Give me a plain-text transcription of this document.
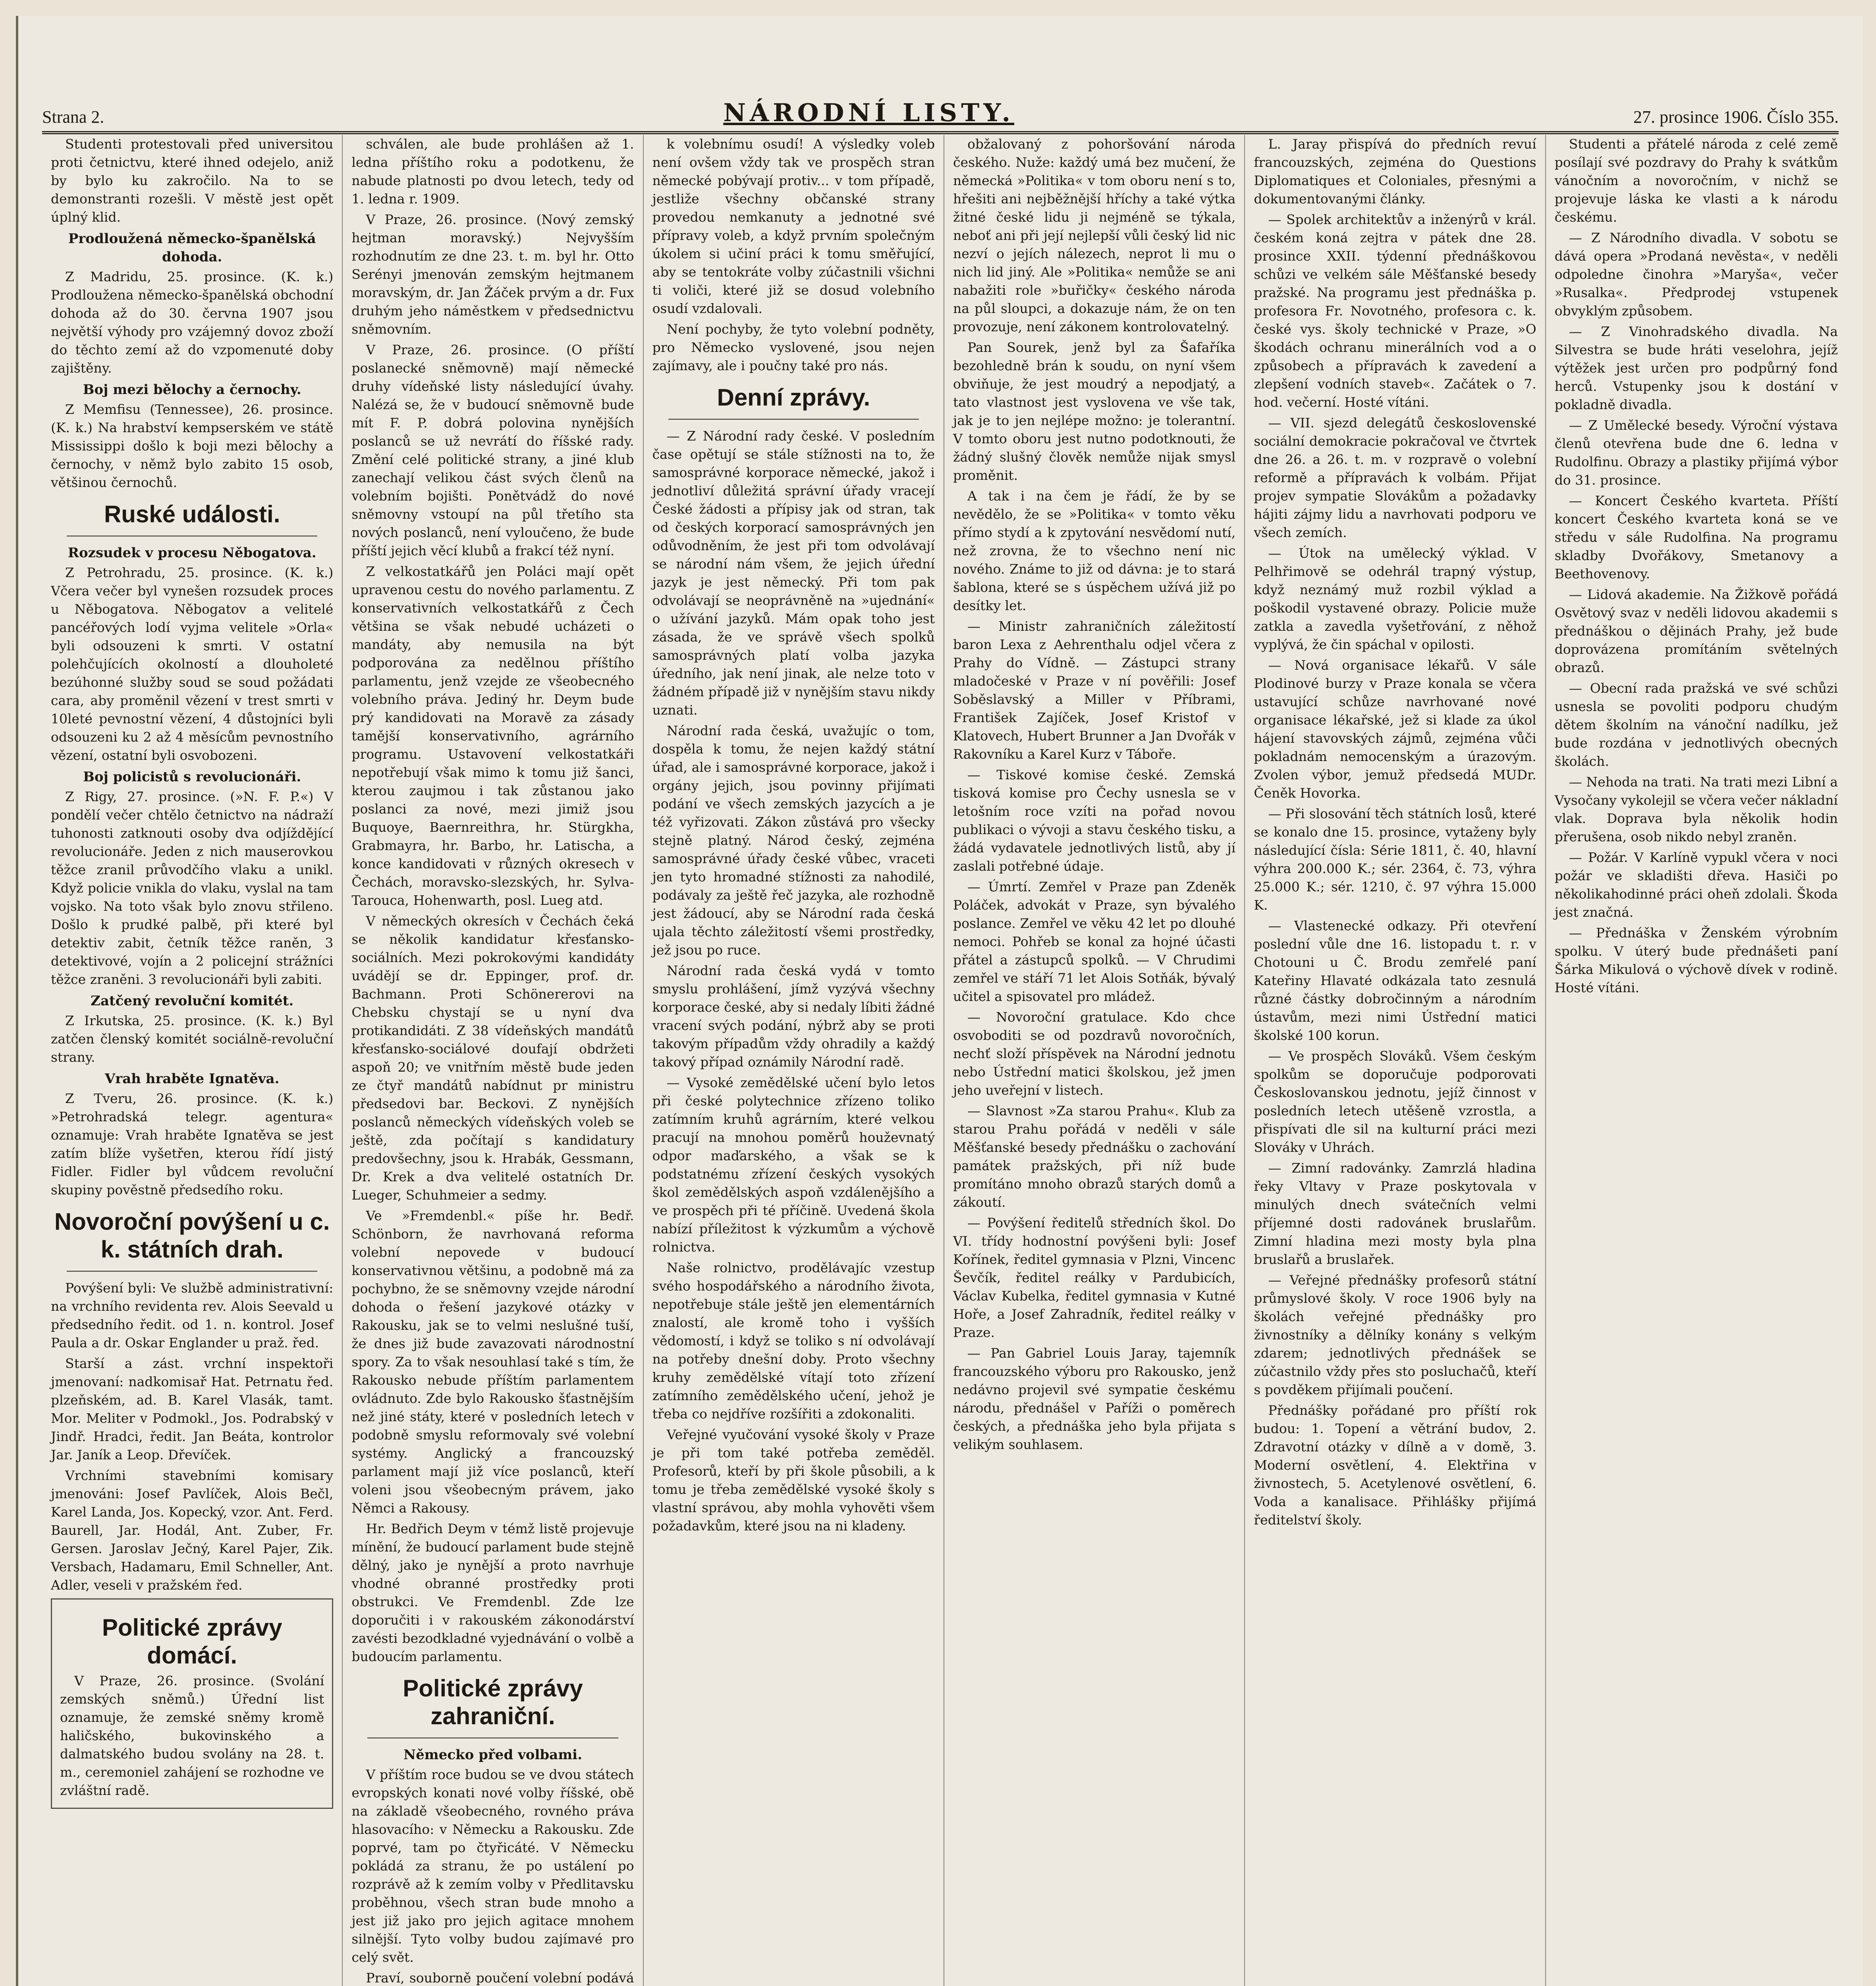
Strana 2.	NÁRODNÍ LISTY.	27. prosince 1906. Číslo 355.

Studenti protestovali před universitou proti četnictvu, které ihned odejelo, aniž by bylo ku zakročilo. Na to se demonstranti rozešli. V městě jest opět úplný klid.

Prodloužená německo-španělská dohoda.

Z Madridu, 25. prosince. (K. k.) Prodloužena německo-španělská obchodní dohoda až do 30. června 1907 jsou největší výhody pro vzájemný dovoz zboží do těchto zemí až do vzpomenuté doby zajištěny.

Boj mezi bělochy a černochy.

Z Memfisu (Tennessee), 26. prosince. (K. k.) Na hrabství kempserském ve státě Mississippi došlo k boji mezi bělochy a černochy, v němž bylo zabito 15 osob, většinou černochů.

Ruské události.
Rozsudek v procesu Něbogatova.

Z Petrohradu, 25. prosince. (K. k.) Včera večer byl vynešen rozsudek proces u Něbogatova. Něbogatov a velitelé pancéřových lodí vyjma velitele »Orla« byli odsouzeni k smrti. V ostatní polehčujících okolností a dlouholeté bezúhonné služby soud se soud požádati cara, aby proměnil vězení v trest smrti v 10leté pevnostní vězení, 4 důstojníci byli odsouzeni ku 2 až 4 měsícům pevnostního vězení, ostatní byli osvobozeni.

Boj policistů s revolucionáři.

Z Rigy, 27. prosince. (»N. F. P.«) V pondělí večer chtělo četnictvo na nádraží tuhonosti zatknouti osoby dva odjíždějící revolucionáře. Jeden z nich mauserovkou těžce zranil průvodčího vlaku a unikl. Když policie vnikla do vlaku, vyslal na tam vojsko. Na toto však bylo znovu střileno. Došlo k prudké palbě, při které byl detektiv zabit, četník těžce raněn, 3 detektivové, vojín a 2 policejní strážníci těžce zraněni. 3 revolucionáři byli zabiti.

Zatčený revoluční komitét.

Z Irkutska, 25. prosince. (K. k.) Byl zatčen členský komitét sociálně-revoluční strany.

Vrah hraběte Ignatěva.

Z Tveru, 26. prosince. (K. k.) »Petrohradská telegr. agentura« oznamuje: Vrah hraběte Ignatěva se jest zatím blíže vyšetřen, kterou řídí jistý Fidler. Fidler byl vůdcem revoluční skupiny pověstně předsedího roku.

Novoroční povýšení u c. k. státních drah.

Povýšení byli: Ve službě administrativní: na vrchního revidenta rev. Alois Seevald u předsedního ředit. od 1. n. kontrol. Josef Paula a dr. Oskar Englander u praž. řed.

Starší a zást. vrchní inspektoři jmenovaní: nadkomisař Hat. Petrnatu řed. plzeňském, ad. B. Karel Vlasák, tamt. Mor. Meliter v Podmokl., Jos. Podrabský v Jindř. Hradci, ředit. Jan Beáta, kontrolor Jar. Janík a Leop. Dřevíček.

Vrchními stavebními komisary jmenováni: Josef Pavlíček, Alois Bečl, Karel Landa, Jos. Kopecký, vzor. Ant. Ferd. Baurell, Jar. Hodál, Ant. Zuber, Fr. Gersen. Jaroslav Ječný, Karel Pajer, Zik. Versbach, Hadamaru, Emil Schneller, Ant. Adler, veseli v pražském řed.

Politické zprávy domácí.

V Praze, 26. prosince. (Svolání zemských sněmů.) Úřední list oznamuje, že zemské sněmy kromě haličského, bukovinského a dalmatského budou svolány na 28. t. m., ceremoniel zahájení se rozhodne ve zvláštní radě.

schválen, ale bude prohlášen až 1. ledna příštího roku a podotkenu, že nabude platnosti po dvou letech, tedy od 1. ledna r. 1909.

V Praze, 26. prosince. (Nový zemský hejtman moravský.) Nejvyšším rozhodnutím ze dne 23. t. m. byl hr. Otto Serényi jmenován zemským hejtmanem moravským, dr. Jan Žáček prvým a dr. Fux druhým jeho náměstkem v předsednictvu sněmovním.

V Praze, 26. prosince. (O příští poslanecké sněmovně) mají německé druhy vídeňské listy následující úvahy. Nalézá se, že v budoucí sněmovně bude mít F. P. dobrá polovina nynějších poslanců se už nevrátí do říšské rady. Změní celé politické strany, a jiné klub zanechají velikou část svých členů na volebním bojišti. Ponětvádž do nové sněmovny vstoupí na půl třetího sta nových poslanců, není vyloučeno, že bude příští jejich věcí klubů a frakcí též nyní.

Z velkostatkářů jen Poláci mají opět upravenou cestu do nového parlamentu. Z konservativních velkostatkářů z Čech většina se však nebudé ucházeti o mandáty, aby nemusila na být podporována za nedělnou příštího parlamentu, jenž vzejde ze všeobecného volebního práva. Jediný hr. Deym bude prý kandidovati na Moravě za zásady tamější konservativního, agrárního programu. Ustavovení velkostatkáři nepotřebují však mimo k tomu již šanci, kterou zaujmou i tak zůstanou jako poslanci za nové, mezi jimiž jsou Buquoye, Baernreithra, hr. Stürgkha, Grabmayra, hr. Barbo, hr. Latischa, a konce kandidovati v různých okresech v Čechách, moravsko-slezských, hr. Sylva-Tarouca, Hohenwarth, posl. Lueg atd.

V německých okresích v Čechách čeká se několik kandidatur křesťansko-sociálních. Mezi pokrokovými kandidáty uvádějí se dr. Eppinger, prof. dr. Bachmann. Proti Schönererovi na Chebsku chystají se u nyní dva protikandidáti. Z 38 vídeňských mandátů křesťansko-sociálové doufají obdržeti aspoň 20; ve vnitřním městě bude jeden ze čtyř mandátů nabídnut pr ministru předsedovi bar. Beckovi. Z nynějších poslanců německých vídeňských voleb se ještě, zda počítají s kandidatury predovšechny, jsou k. Hrabák, Gessmann, Dr. Krek a dva velitelé ostatních Dr. Lueger, Schuhmeier a sedmy.

Ve »Fremdenbl.« píše hr. Bedř. Schönborn, že navrhovaná reforma volební nepovede v budoucí konservativnou většinu, a podobně má za pochybno, že se sněmovny vzejde národní dohoda o řešení jazykové otázky v Rakousku, jak se to velmi neslušné tuší, že dnes již bude zavazovati národnostní spory. Za to však nesouhlasí také s tím, že Rakousko nebude příštím parlamentem ovládnuto. Zde bylo Rakousko šťastnějším než jiné státy, které v posledních letech v podobně smyslu reformovaly své volební systémy. Anglický a francouzský parlament mají již více poslanců, kteří voleni jsou všeobecným právem, jako Němci a Rakousy.

Hr. Bedřich Deym v témž listě projevuje mínění, že budoucí parlament bude stejně dělný, jako je nynější a proto navrhuje vhodné obranné prostředky proti obstrukci. Ve Fremdenbl. Zde lze doporučiti i v rakouském zákonodárství zavésti bezodkladné vyjednávání o volbě a budoucím parlamentu.

Politické zprávy zahraniční.
Německo před volbami.

V příštím roce budou se ve dvou státech evropských konati nové volby říšské, obě na základě všeobecného, rovného práva hlasovacího: v Německu a Rakousku. Zde poprvé, tam po čtyřicáté. V Německu pokládá za stranu, že po ustálení po rozprávě až k zemím volby v Předlitavsku proběhnou, všech stran bude mnoho a jest již jako pro jejich agitace mnohem silnější. Tyto volby budou zajímavé pro celý svět.

Praví, souborně poučení volební podává

k volebnímu osudí! A výsledky voleb není ovšem vždy tak ve prospěch stran německé pobývají protiv... v tom případě, jestliže všechny občanské strany provedou nemkanuty a jednotné své přípravy voleb, a když prvním společným úkolem si učiní práci k tomu směřující, aby se tentokráte volby zúčastnili všichni ti voliči, které již se dosud volebního osudí vzdalovali.

Není pochyby, že tyto volební podněty, pro Německo vyslovené, jsou nejen zajímavy, ale i poučny také pro nás.

Denní zprávy.

— Z Národní rady české. V posledním čase opětují se stále stížnosti na to, že samosprávné korporace německé, jakož i jednotliví důležitá správní úřady vracejí České žádosti a přípisy jak od stran, tak od českých korporací samosprávných jen odůvodněním, že jest při tom odvolávají se národní nám všem, že jejich úřední jazyk je jest německý. Při tom pak odvolávají se neoprávněně na »ujednání« o užívání jazyků. Mám opak toho jest zásada, že ve správě všech spolků samosprávných platí volba jazyka úředního, jak není jinak, ale nelze toto v žádném případě již v nynějším stavu nikdy uznati.

Národní rada česká, uvažujíc o tom, dospěla k tomu, že nejen každý státní úřad, ale i samosprávné korporace, jakož i orgány jejich, jsou povinny přijímati podání ve všech zemských jazycích a je též vyřizovati. Zákon zůstává pro všecky stejně platný. Národ český, zejména samosprávné úřady české vůbec, vraceti jen tyto hromadné stížnosti za nahodilé, podávaly za ještě řeč jazyka, ale rozhodně jest žádoucí, aby se Národní rada česká ujala těchto záležitostí všemi prostředky, jež jsou po ruce.

Národní rada česká vydá v tomto smyslu prohlášení, jímž vyzývá všechny korporace české, aby si nedaly líbiti žádné vracení svých podání, nýbrž aby se proti takovým případům vždy ohradily a každý takový případ oznámily Národní radě.

— Vysoké zemědělské učení bylo letos při české polytechnice zřízeno toliko zatímním kruhů agrárním, které velkou pracují na mnohou poměrů houževnatý odpor maďarského, a však se k podstatnému zřízení českých vysokých škol zemědělských aspoň vzdálenějšího a ve prospěch při té příčině. Uvedená škola nabízí příležitost k výzkumům a výchově rolnictva.

Naše rolnictvo, prodělávajíc vzestup svého hospodářského a národního života, nepotřebuje stále ještě jen elementárních znalostí, ale kromě toho i vyšších vědomostí, i když se toliko s ní odvolávají na potřeby dnešní doby. Proto všechny kruhy zemědělské vítají toto zřízení zatímního zemědělského učení, jehož je třeba co nejdříve rozšířiti a zdokonaliti.

Veřejné vyučování vysoké školy v Praze je při tom také potřeba zeměděl. Profesorů, kteří by při škole působili, a k tomu je třeba zemědělské vysoké školy s vlastní správou, aby mohla vyhověti všem požadavkům, které jsou na ni kladeny.

obžalovaný z pohoršování národa českého. Nuže: každý umá bez mučení, že německá »Politika« v tom oboru není s to, hřešiti ani nejběžnější hříchy a také výtka žitné české lidu ji nejméně se týkala, neboť ani při její nejlepší vůli český lid nic nezví o jejích nálezech, neprot li mu o nich lid jiný. Ale »Politika« nemůže se ani nabažiti role »buřičky« českého národa na půl sloupci, a dokazuje nám, že on ten provozuje, není zákonem kontrolovatelný.

Pan Sourek, jenž byl za Šafaříka bezohledně brán k soudu, on nyní všem obviňuje, že jest moudrý a nepodjatý, a tato vlastnost jest vyslovena ve vše tak, jak je to jen nejlépe možno: je tolerantní. V tomto oboru jest nutno podotknouti, že žádný slušný člověk nemůže nijak smysl proměnit.

A tak i na čem je řádí, že by se nevědělo, že se »Politika« v tomto věku přímo stydí a k zpytování nesvědomí nutí, než zrovna, že to všechno není nic nového. Známe to již od dávna: je to stará šablona, které se s úspěchem užívá již po desítky let.

— Ministr zahraničních záležitostí baron Lexa z Aehrenthalu odjel včera z Prahy do Vídně. — Zástupci strany mladočeské v Praze v ní pověřili: Josef Soběslavský a Miller v Příbrami, František Zajíček, Josef Kristof v Klatovech, Hubert Brunner a Jan Dvořák v Rakovníku a Karel Kurz v Táboře.

— Tiskové komise české. Zemská tisková komise pro Čechy usnesla se v letošním roce vzíti na pořad novou publikaci o vývoji a stavu českého tisku, a žádá vydavatele jednotlivých listů, aby jí zaslali potřebné údaje.

— Úmrtí. Zemřel v Praze pan Zdeněk Poláček, advokát v Praze, syn bývalého poslance. Zemřel ve věku 42 let po dlouhé nemoci. Pohřeb se konal za hojné účasti přátel a zástupců spolků. — V Chrudimi zemřel ve stáří 71 let Alois Sotňák, bývalý učitel a spisovatel pro mládež.

— Novoroční gratulace. Kdo chce osvoboditi se od pozdravů novoročních, nechť složí příspěvek na Národní jednotu nebo Ústřední matici školskou, jež jmen jeho uveřejní v listech.

— Slavnost »Za starou Prahu«. Klub za starou Prahu pořádá v neděli v sále Měšťanské besedy přednášku o zachování památek pražských, při níž bude promítáno mnoho obrazů starých domů a zákoutí.

— Povýšení ředitelů středních škol. Do VI. třídy hodnostní povýšeni byli: Josef Kořínek, ředitel gymnasia v Plzni, Vincenc Ševčík, ředitel reálky v Pardubicích, Václav Kubelka, ředitel gymnasia v Kutné Hoře, a Josef Zahradník, ředitel reálky v Praze.

— Pan Gabriel Louis Jaray, tajemník francouzského výboru pro Rakousko, jenž nedávno projevil své sympatie českému národu, přednášel v Paříži o poměrech českých, a přednáška jeho byla přijata s velikým souhlasem.

L. Jaray přispívá do předních revuí francouzských, zejména do Questions Diplomatiques et Coloniales, přesnými a dokumentovanými články.

— Spolek architektův a inženýrů v král. českém koná zejtra v pátek dne 28. prosince XXII. týdenní přednáškovou schůzi ve velkém sále Měšťanské besedy pražské. Na programu jest přednáška p. profesora Fr. Novotného, profesora c. k. české vys. školy technické v Praze, »O škodách ochranu minerálních vod a o způsobech a přípravách k zavedení a zlepšení vodních staveb«. Začátek o 7. hod. večerní. Hosté vítáni.

— VII. sjezd delegátů československé sociální demokracie pokračoval ve čtvrtek dne 26. a 26. t. m. v rozpravě o volební reformě a přípravách k volbám. Přijat projev sympatie Slovákům a požadavky hájiti zájmy lidu a navrhovati podporu ve všech zemích.

— Útok na umělecký výklad. V Pelhřimově se odehrál trapný výstup, když neznámý muž rozbil výklad a poškodil vystavené obrazy. Policie muže zatkla a zavedla vyšetřování, z něhož vyplývá, že čin spáchal v opilosti.

— Nová organisace lékařů. V sále Plodinové burzy v Praze konala se včera ustavující schůze navrhované nové organisace lékařské, jež si klade za úkol hájení stavovských zájmů, zejména vůči pokladnám nemocenským a úrazovým. Zvolen výbor, jemuž předsedá MUDr. Čeněk Hovorka.

— Při slosování těch státních losů, které se konalo dne 15. prosince, vytaženy byly následující čísla: Série 1811, č. 40, hlavní výhra 200.000 K.; sér. 2364, č. 73, výhra 25.000 K.; sér. 1210, č. 97 výhra 15.000 K.

— Vlastenecké odkazy. Při otevření poslední vůle dne 16. listopadu t. r. v Chotouni u Č. Brodu zemřelé paní Kateřiny Hlavaté odkázala tato zesnulá různé částky dobročinným a národním ústavům, mezi nimi Ústřední matici školské 100 korun.

— Ve prospěch Slováků. Všem českým spolkům se doporučuje podporovati Českoslovanskou jednotu, jejíž činnost v posledních letech utěšeně vzrostla, a přispívati dle sil na kulturní práci mezi Slováky v Uhrách.

— Zimní radovánky. Zamrzlá hladina řeky Vltavy v Praze poskytovala v minulých dnech svátečních velmi příjemné dosti radovánek bruslařům. Zimní hladina mezi mosty byla plna bruslařů a bruslařek.

— Veřejné přednášky profesorů státní průmyslové školy. V roce 1906 byly na školách veřejné přednášky pro živnostníky a dělníky konány s velkým zdarem; jednotlivých přednášek se zúčastnilo vždy přes sto posluchačů, kteří s povděkem přijímali poučení.

Přednášky pořádané pro příští rok budou: 1. Topení a větrání budov, 2. Zdravotní otázky v dílně a v domě, 3. Moderní osvětlení, 4. Elektřina v živnostech, 5. Acetylenové osvětlení, 6. Voda a kanalisace. Přihlášky přijímá ředitelství školy.

Studenti a přátelé národa z celé země posílají své pozdravy do Prahy k svátkům vánočním a novoročním, v nichž se projevuje láska ke vlasti a k národu českému.

— Z Národního divadla. V sobotu se dává opera »Prodaná nevěsta«, v neděli odpoledne činohra »Maryša«, večer »Rusalka«. Předprodej vstupenek obvyklým způsobem.

— Z Vinohradského divadla. Na Silvestra se bude hráti veselohra, jejíž výtěžek jest určen pro podpůrný fond herců. Vstupenky jsou k dostání v pokladně divadla.

— Z Umělecké besedy. Výroční výstava členů otevřena bude dne 6. ledna v Rudolfinu. Obrazy a plastiky přijímá výbor do 31. prosince.

— Koncert Českého kvarteta. Příští koncert Českého kvarteta koná se ve středu v sále Rudolfina. Na programu skladby Dvořákovy, Smetanovy a Beethovenovy.

— Lidová akademie. Na Žižkově pořádá Osvětový svaz v neděli lidovou akademii s přednáškou o dějinách Prahy, jež bude doprovázena promítáním světelných obrazů.

— Obecní rada pražská ve své schůzi usnesla se povoliti podporu chudým dětem školním na vánoční nadílku, jež bude rozdána v jednotlivých obecných školách.

— Nehoda na trati. Na trati mezi Libní a Vysočany vykolejil se včera večer nákladní vlak. Doprava byla několik hodin přerušena, osob nikdo nebyl zraněn.

— Požár. V Karlíně vypukl včera v noci požár ve skladišti dřeva. Hasiči po několikahodinné práci oheň zdolali. Škoda jest značná.

— Přednáška v Ženském výrobním spolku. V úterý bude přednášeti paní Šárka Mikulová o výchově dívek v rodině. Hosté vítáni.
